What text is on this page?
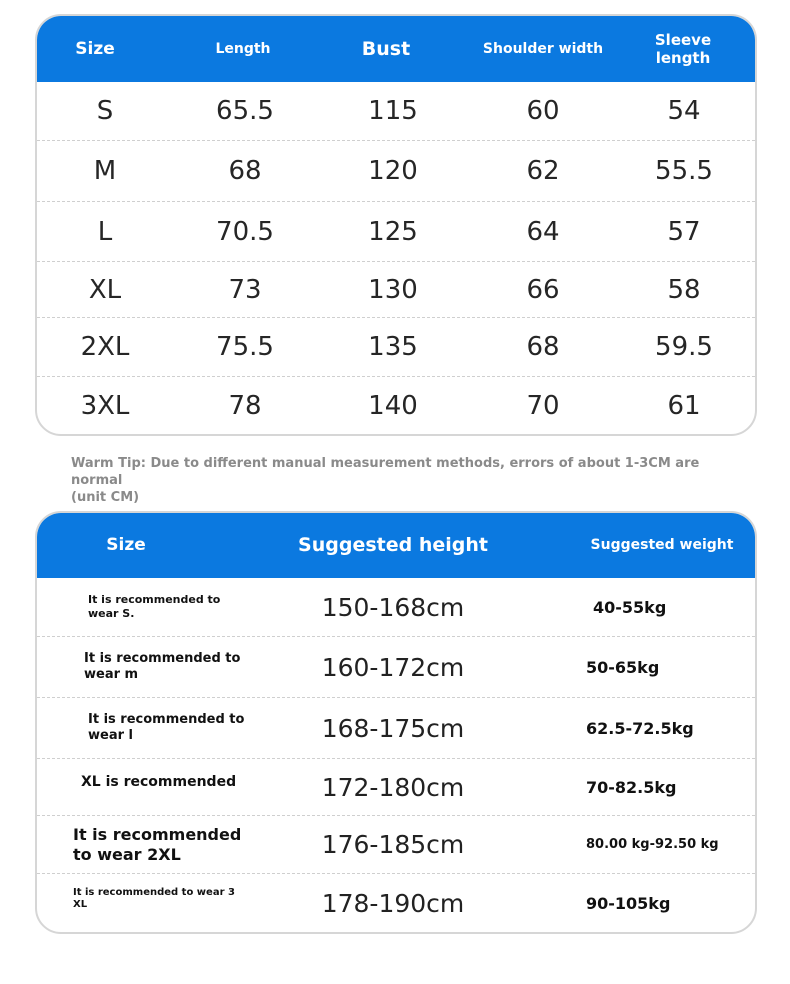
Size	Length	Bust	Shoulder width	Sleeve
length
S	65.5	115	60	54
M	68	120	62	55.5
L	70.5	125	64	57
XL	73	130	66	58
2XL	75.5	135	68	59.5
3XL	78	140	70	61
Warm Tip: Due to different manual measurement methods, errors of about 1-3CM are normal
(unit CM)
Size	Suggested height	Suggested weight
It is recommended to
wear S.	150-168cm	40-55kg
It is recommended to
wear m	160-172cm	50-65kg
It is recommended to
wear l	168-175cm	62.5-72.5kg
XL is recommended	172-180cm	70-82.5kg
It is recommended
to wear 2XL	176-185cm	80.00 kg-92.50 kg
It is recommended to wear 3
XL	178-190cm	90-105kg
